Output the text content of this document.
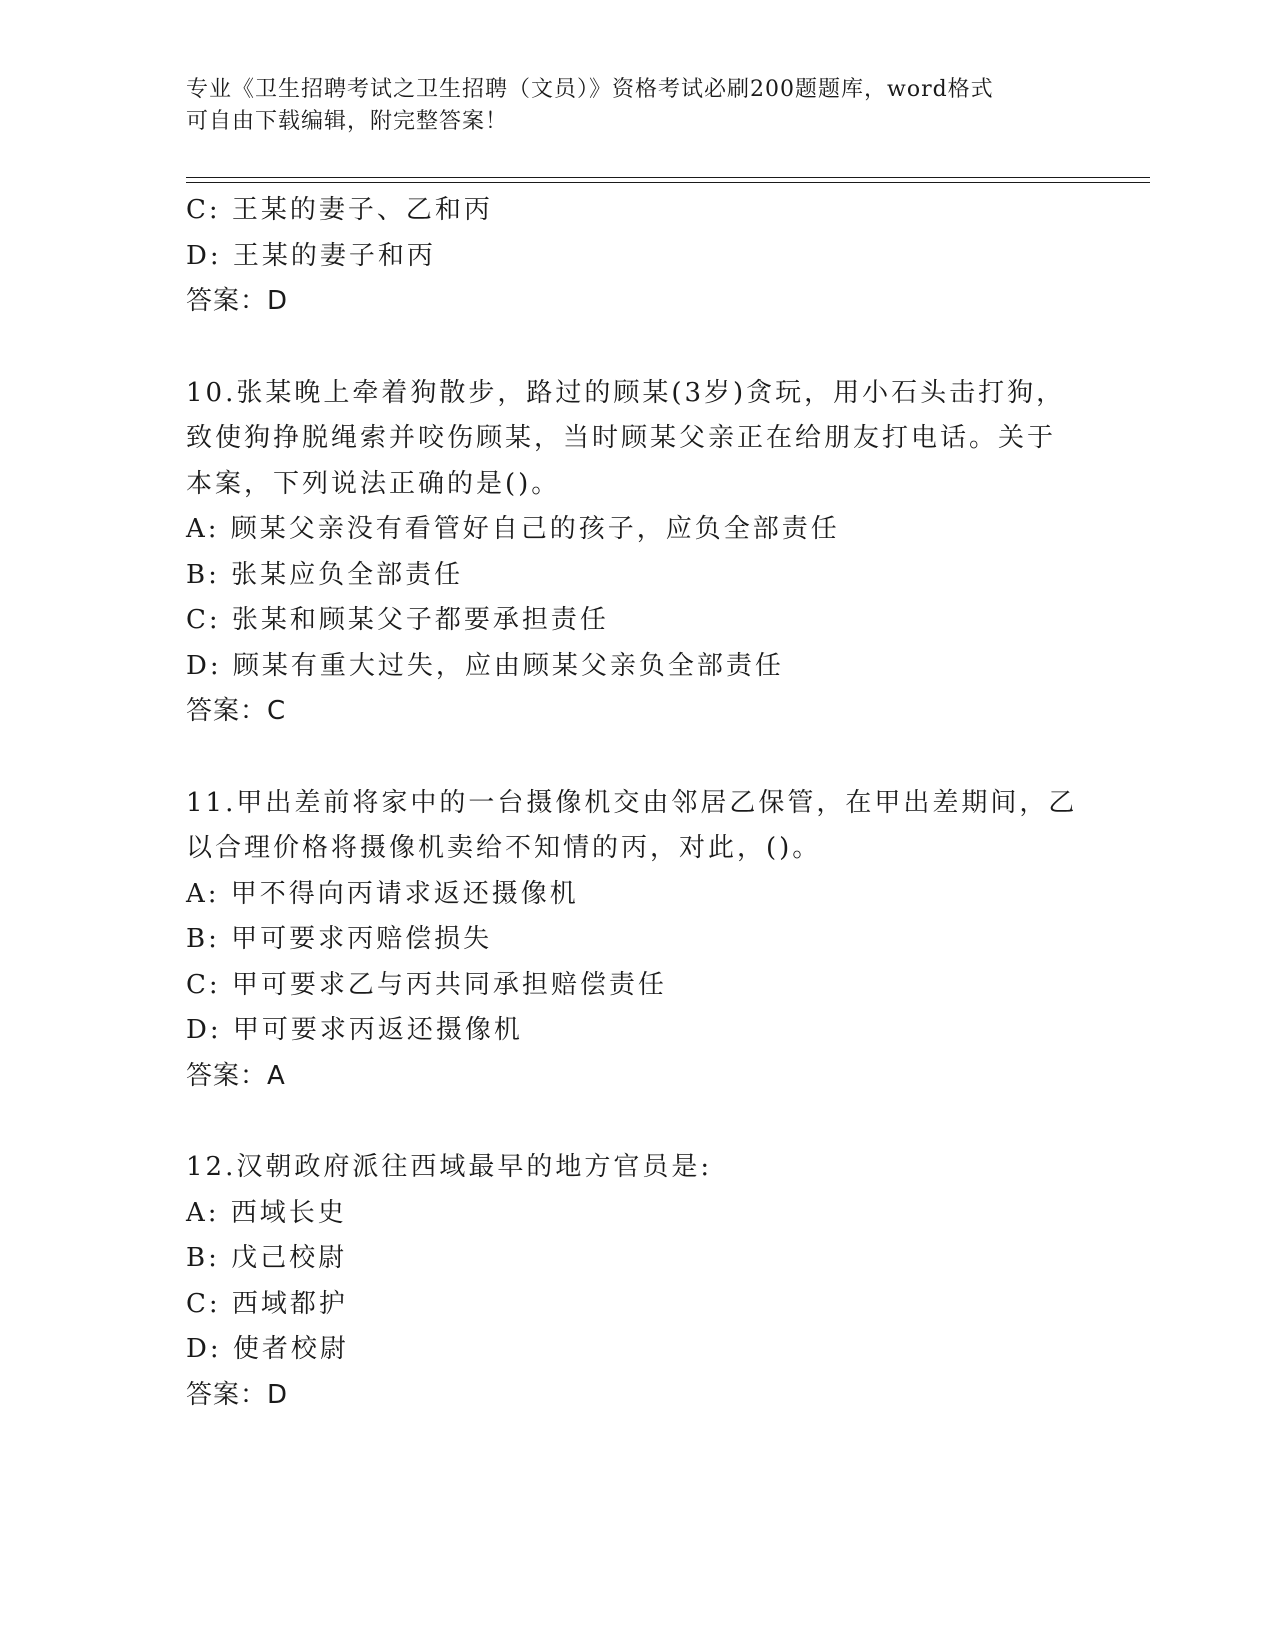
专业《卫生招聘考试之卫生招聘（文员）》资格考试必刷200题题库，word格式
可自由下载编辑，附完整答案！
C: 王某的妻子、乙和丙
D: 王某的妻子和丙
答案：D
10.张某晚上牵着狗散步，路过的顾某(3岁)贪玩，用小石头击打狗，
致使狗挣脱绳索并咬伤顾某，当时顾某父亲正在给朋友打电话。关于
本案，下列说法正确的是()。
A: 顾某父亲没有看管好自己的孩子，应负全部责任
B: 张某应负全部责任
C: 张某和顾某父子都要承担责任
D: 顾某有重大过失，应由顾某父亲负全部责任
答案：C
11.甲出差前将家中的一台摄像机交由邻居乙保管，在甲出差期间，乙
以合理价格将摄像机卖给不知情的丙，对此，()。
A: 甲不得向丙请求返还摄像机
B: 甲可要求丙赔偿损失
C: 甲可要求乙与丙共同承担赔偿责任
D: 甲可要求丙返还摄像机
答案：A
12.汉朝政府派往西域最早的地方官员是:
A: 西域长史
B: 戊己校尉
C: 西域都护
D: 使者校尉
答案：D
